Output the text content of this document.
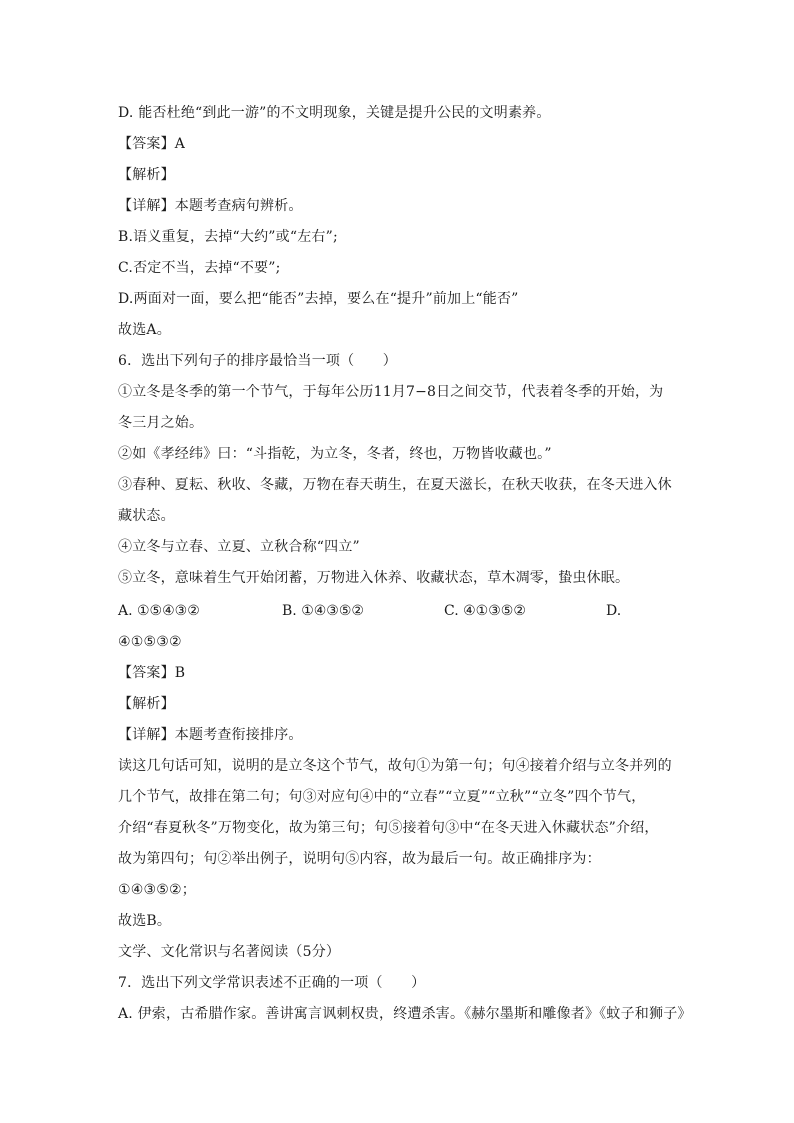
D. 能否杜绝“到此一游”的不文明现象，关键是提升公民的文明素养。
【答案】A
【解析】
【详解】本题考查病句辨析。
B.语义重复，去掉“大约”或“左右”;
C.否定不当，去掉“不要”;
D.两面对一面，要么把“能否”去掉，要么在“提升”前加上“能否”
故选A。
6．选出下列句子的排序最恰当一项（　　）
①立冬是冬季的第一个节气，于每年公历11月7−8日之间交节，代表着冬季的开始，为
冬三月之始。
②如《孝经纬》曰：“斗指乾，为立冬，冬者，终也，万物皆收藏也。”
③春种、夏耘、秋收、冬藏，万物在春天萌生，在夏天滋长，在秋天收获，在冬天进入休
藏状态。
④立冬与立春、立夏、立秋合称“四立”
⑤立冬，意味着生气开始闭蓄，万物进入休养、收藏状态，草木凋零，蛰虫休眠。
A. ①⑤④③②	B. ①④③⑤②	C. ④①③⑤②	D.
④①⑤③②
【答案】B
【解析】
【详解】本题考查衔接排序。
读这几句话可知，说明的是立冬这个节气，故句①为第一句；句④接着介绍与立冬并列的
几个节气，故排在第二句；句③对应句④中的“立春”“立夏”“立秋”“立冬”四个节气，
介绍“春夏秋冬”万物变化，故为第三句；句⑤接着句③中“在冬天进入休藏状态”介绍，
故为第四句；句②举出例子，说明句⑤内容，故为最后一句。故正确排序为：
①④③⑤②；
故选B。
文学、文化常识与名著阅读（5分）
7．选出下列文学常识表述不正确的一项（　　）
A. 伊索，古希腊作家。善讲寓言讽刺权贵，终遭杀害。《赫尔墨斯和雕像者》《蚊子和狮子》
